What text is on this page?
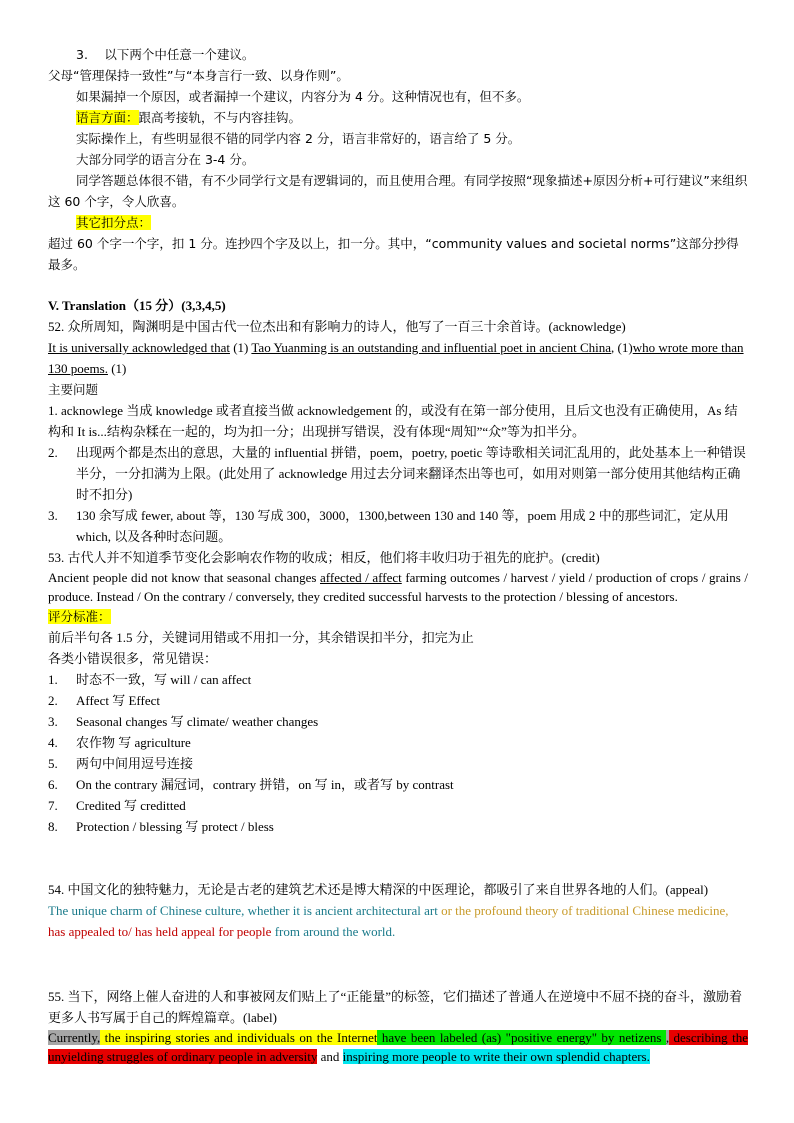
3.　 以下两个中任意一个建议。
父母“管理保持一致性”与“本身言行一致、以身作则”。
如果漏掉一个原因，或者漏掉一个建议，内容分为 4 分。这种情况也有，但不多。
语言方面：跟高考接轨，不与内容挂钩。
实际操作上，有些明显很不错的同学内容 2 分，语言非常好的，语言给了 5 分。
大部分同学的语言分在 3-4 分。
同学答题总体很不错，有不少同学行文是有逻辑词的，而且使用合理。有同学按照“现象描述+原因分析+可行建议”来组织这 60 个字，令人欣喜。
其它扣分点：
超过 60 个字一个字，扣 1 分。连抄四个字及以上，扣一分。其中，“community values and societal norms”这部分抄得最多。
V. Translation（15 分）(3,3,4,5)
52. 众所周知，陶渊明是中国古代一位杰出和有影响力的诗人，他写了一百三十余首诗。(acknowledge)
It is universally acknowledged that (1) Tao Yuanming is an outstanding and influential poet in ancient China, (1)who wrote more than 130 poems. (1)
主要问题
1. acknowlege 当成 knowledge 或者直接当做 acknowledgement 的，或没有在第一部分使用，且后文也没有正确使用，As 结构和 It is...结构杂糅在一起的，均为扣一分；出现拼写错误，没有体现“周知”“众”等为扣半分。
2. 出现两个都是杰出的意思，大量的 influential 拼错，poem，poetry, poetic 等诗歌相关词汇乱用的，此处基本上一种错误半分，一分扣满为上限。(此处用了 acknowledge 用过去分词来翻译杰出等也可，如用对则第一部分使用其他结构正确时不扣分)
3. 130 余写成 fewer, about 等，130 写成 300，3000，1300,between 130 and 140 等，poem 用成 2 中的那些词汇，定从用 which, 以及各种时态问题。
53. 古代人并不知道季节变化会影响农作物的收成；相反，他们将丰收归功于祖先的庇护。(credit)
Ancient people did not know that seasonal changes affected / affect farming outcomes / harvest / yield / production of crops / grains / produce. Instead / On the contrary / conversely, they credited successful harvests to the protection / blessing of ancestors.
评分标准：
前后半句各 1.5 分，关键词用错或不用扣一分，其余错误扣半分，扣完为止
各类小错误很多，常见错误：
1. 时态不一致，写 will / can affect
2. Affect 写 Effect
3. Seasonal changes 写 climate/ weather changes
4. 农作物 写 agriculture
5. 两句中间用逗号连接
6. On the contrary 漏冠词，contrary 拼错，on 写 in，或者写 by contrast
7. Credited 写 creditted
8. Protection / blessing 写 protect / bless
54. 中国文化的独特魅力，无论是古老的建筑艺术还是博大精深的中医理论，都吸引了来自世界各地的人们。(appeal)
The unique charm of Chinese culture, whether it is ancient architectural art or the profound theory of traditional Chinese medicine, has appealed to/ has held appeal for people from around the world.
55. 当下，网络上催人奋进的人和事被网友们贴上了“正能量”的标签，它们描述了普通人在逆境中不屈不挠的奋斗，激励着更多人书写属于自己的辉煌篇章。(label)
Currently, the inspiring stories and individuals on the Internet have been labeled (as) "positive energy" by netizens , describing the unyielding struggles of ordinary people in adversity and inspiring more people to write their own splendid chapters.
